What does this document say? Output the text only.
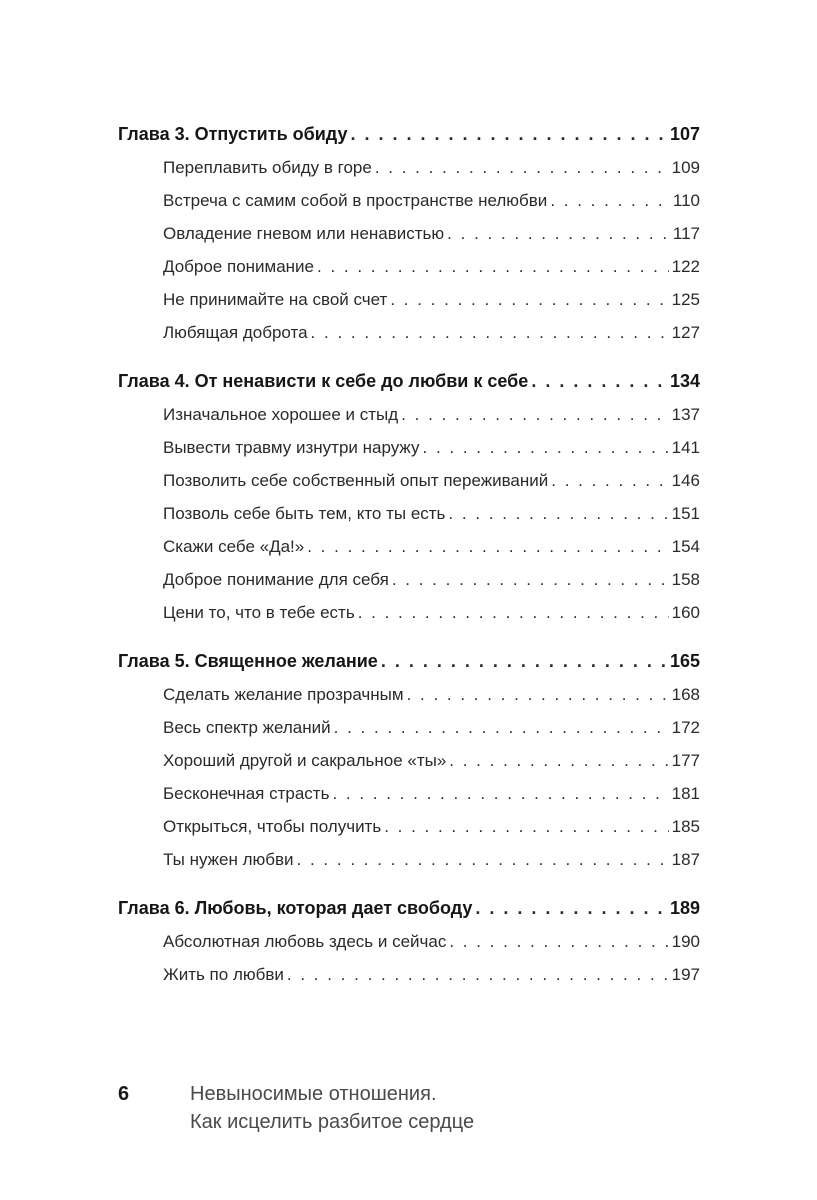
Глава 3. Отпустить обиду . . .	107
Переплавить обиду в горе . . .	109
Встреча с самим собой в пространстве нелюбви . . .	110
Овладение гневом или ненавистью . . .	117
Доброе понимание . . .	122
Не принимайте на свой счет . . .	125
Любящая доброта . . .	127
Глава 4. От ненависти к себе до любви к себе . . .	134
Изначальное хорошее и стыд . . .	137
Вывести травму изнутри наружу . . .	141
Позволить себе собственный опыт переживаний . . .	146
Позволь себе быть тем, кто ты есть . . .	151
Скажи себе «Да!» . . .	154
Доброе понимание для себя . . .	158
Цени то, что в тебе есть . . .	160
Глава 5. Священное желание . . .	165
Сделать желание прозрачным . . .	168
Весь спектр желаний . . .	172
Хороший другой и сакральное «ты» . . .	177
Бесконечная страсть . . .	181
Открыться, чтобы получить . . .	185
Ты нужен любви . . .	187
Глава 6. Любовь, которая дает свободу . . .	189
Абсолютная любовь здесь и сейчас . . .	190
Жить по любви . . .	197
6	Невыносимые отношения.
Как исцелить разбитое сердце
